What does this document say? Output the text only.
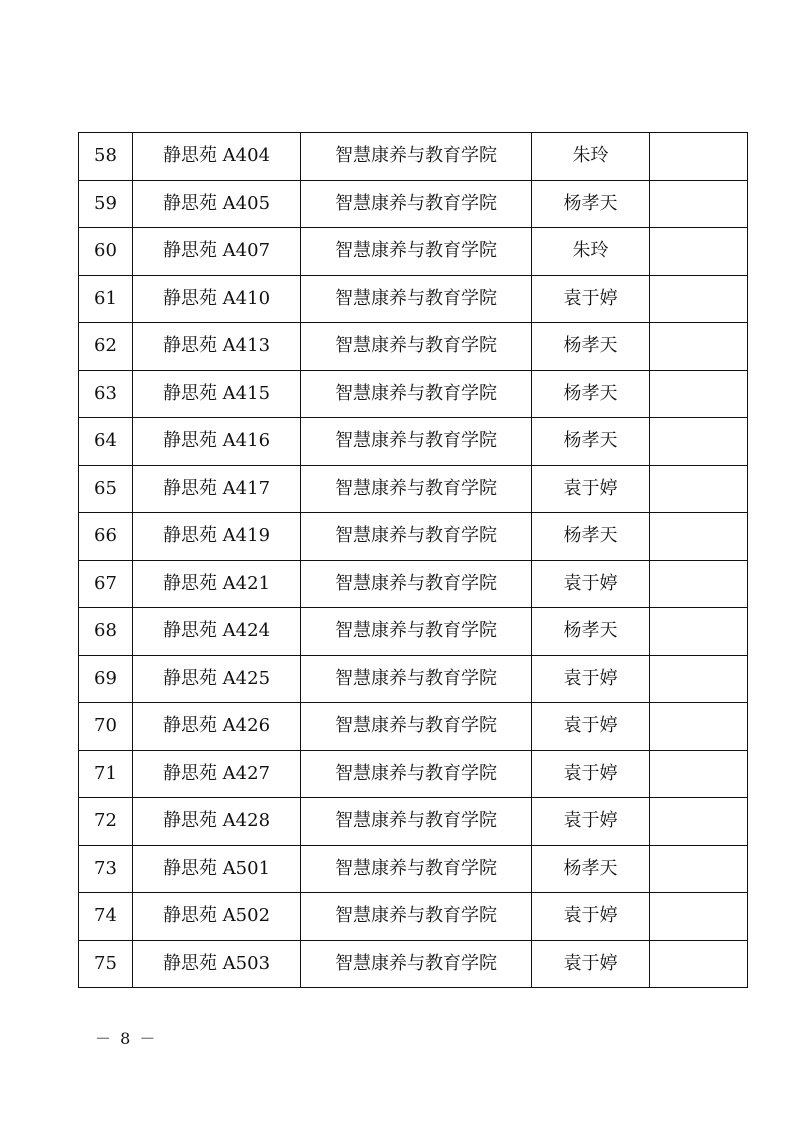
58	静思苑 A404	智慧康养与教育学院	朱玲	
59	静思苑 A405	智慧康养与教育学院	杨孝天	
60	静思苑 A407	智慧康养与教育学院	朱玲	
61	静思苑 A410	智慧康养与教育学院	袁于婷	
62	静思苑 A413	智慧康养与教育学院	杨孝天	
63	静思苑 A415	智慧康养与教育学院	杨孝天	
64	静思苑 A416	智慧康养与教育学院	杨孝天	
65	静思苑 A417	智慧康养与教育学院	袁于婷	
66	静思苑 A419	智慧康养与教育学院	杨孝天	
67	静思苑 A421	智慧康养与教育学院	袁于婷	
68	静思苑 A424	智慧康养与教育学院	杨孝天	
69	静思苑 A425	智慧康养与教育学院	袁于婷	
70	静思苑 A426	智慧康养与教育学院	袁于婷	
71	静思苑 A427	智慧康养与教育学院	袁于婷	
72	静思苑 A428	智慧康养与教育学院	袁于婷	
73	静思苑 A501	智慧康养与教育学院	杨孝天	
74	静思苑 A502	智慧康养与教育学院	袁于婷	
75	静思苑 A503	智慧康养与教育学院	袁于婷	
－ 8 －
